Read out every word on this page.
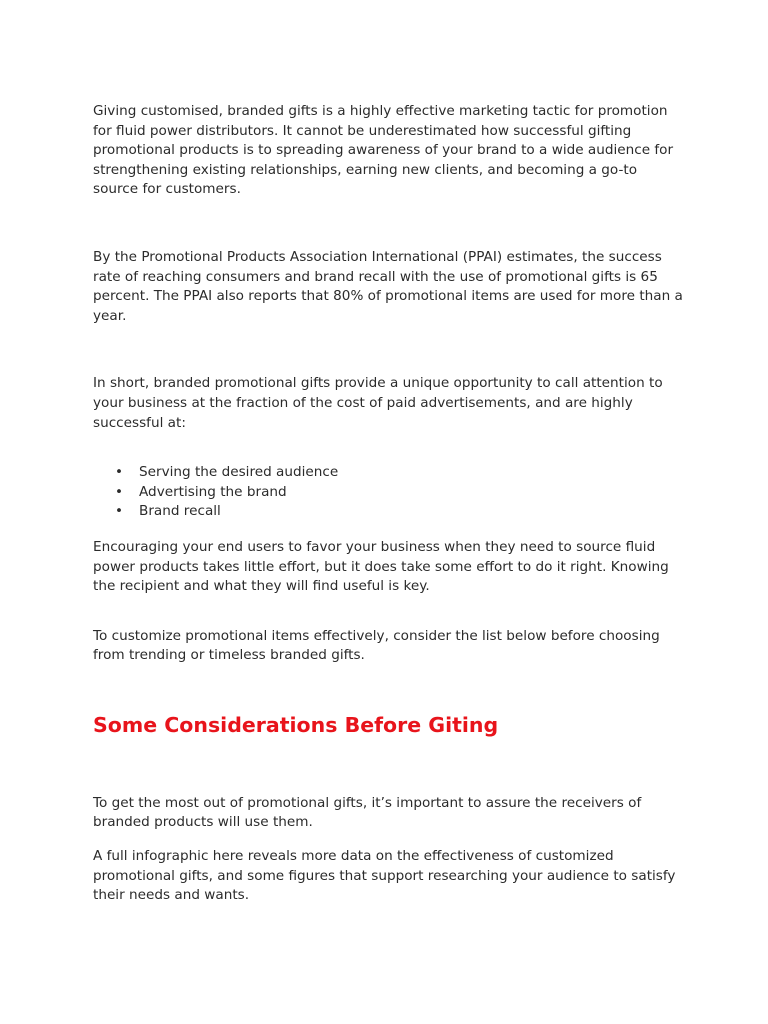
Giving customised, branded gifts is a highly effective marketing tactic for promotion for fluid power distributors. It cannot be underestimated how successful gifting promotional products is to spreading awareness of your brand to a wide audience for strengthening existing relationships, earning new clients, and becoming a go-to source for customers.

By the Promotional Products Association International (PPAI) estimates, the success rate of reaching consumers and brand recall with the use of promotional gifts is 65 percent. The PPAI also reports that 80% of promotional items are used for more than a year.

In short, branded promotional gifts provide a unique opportunity to call attention to your business at the fraction of the cost of paid advertisements, and are highly successful at:

• Serving the desired audience
• Advertising the brand
• Brand recall

Encouraging your end users to favor your business when they need to source fluid power products takes little effort, but it does take some effort to do it right. Knowing the recipient and what they will find useful is key.

To customize promotional items effectively, consider the list below before choosing from trending or timeless branded gifts.

Some Considerations Before Giting

To get the most out of promotional gifts, it’s important to assure the receivers of branded products will use them.

A full infographic here reveals more data on the effectiveness of customized promotional gifts, and some figures that support researching your audience to satisfy their needs and wants.
